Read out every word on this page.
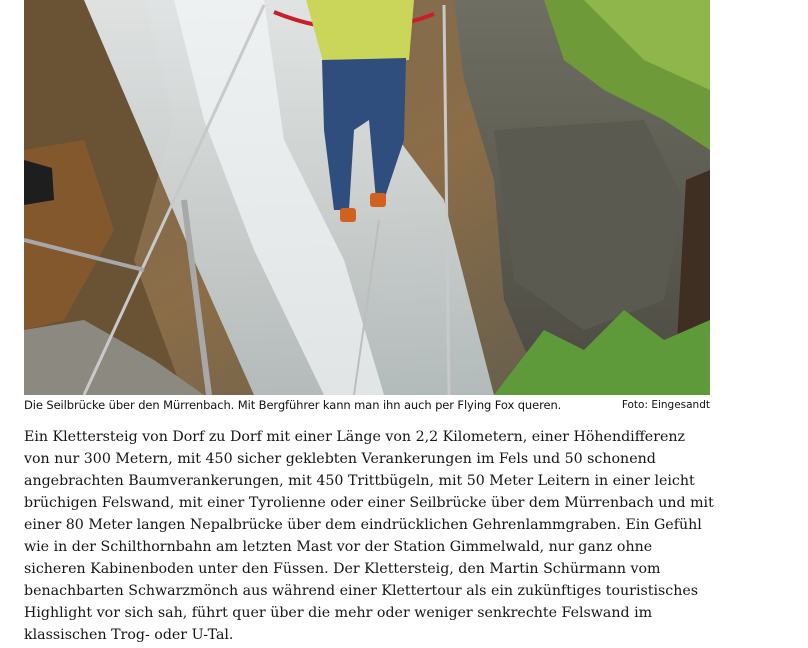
Die Seilbrücke über den Mürrenbach. Mit Bergführer kann man ihn auch per Flying Fox queren.	Foto: Eingesandt

Ein Klettersteig von Dorf zu Dorf mit einer Länge von 2,2 Kilometern, einer Höhendifferenz von nur 300 Metern, mit 450 sicher geklebten Verankerungen im Fels und 50 schonend angebrachten Baumverankerungen, mit 450 Trittbügeln, mit 50 Meter Leitern in einer leicht brüchigen Felswand, mit einer Tyrolienne oder einer Seilbrücke über dem Mürrenbach und mit einer 80 Meter langen Nepalbrücke über dem eindrücklichen Gehrenlammgraben. Ein Gefühl wie in der Schilthornbahn am letzten Mast vor der Station Gimmelwald, nur ganz ohne sicheren Kabinenboden unter den Füssen. Der Klettersteig, den Martin Schürmann vom benachbarten Schwarzmönch aus während einer Klettertour als ein zukünftiges touristisches Highlight vor sich sah, führt quer über die mehr oder weniger senkrechte Felswand im klassischen Trog- oder U-Tal.
